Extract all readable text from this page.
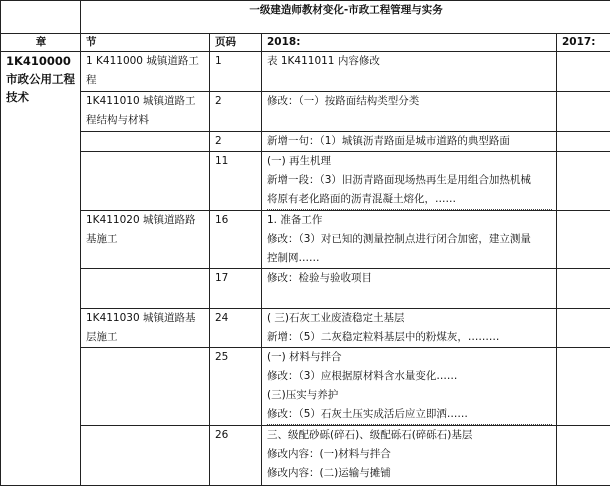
	一级建造师教材变化-市政工程管理与实务			
章	节	页码	2018:	2017:
1K410000 市政公用工程技术	1 K411000 城镇道路工程	1	表 1K411011 内容修改	

	1K411010 城镇道路工程结构与材料	2	修改：（一）按路面结构类型分类	

		2	新增一句：（1）城镇沥青路面是城市道路的典型路面	

		11	(一) 再生机理
新增一段：（3）旧沥青路面现场热再生是用组合加热机械
将原有老化路面的沥青混凝土熔化，……	

	1K411020 城镇道路路基施工	16	1. 准备工作
修改：（3）对已知的测量控制点进行闭合加密，建立测量
控制网……	

		17	修改：检验与验收项目	

	1K411030 城镇道路基层施工	24	( 三)石灰工业废渣稳定土基层
新增：（5）二灰稳定粒料基层中的粉煤灰，………	

		25	(一) 材料与拌合
修改：（3）应根据原材料含水量变化……
(三)压实与养护
修改：（5）石灰土压实成活后应立即洒……	

		26	三、级配砂砾(碎石)、级配砾石(碎砾石)基层
修改内容：(一)材料与拌合
修改内容：(二)运输与摊铺	
